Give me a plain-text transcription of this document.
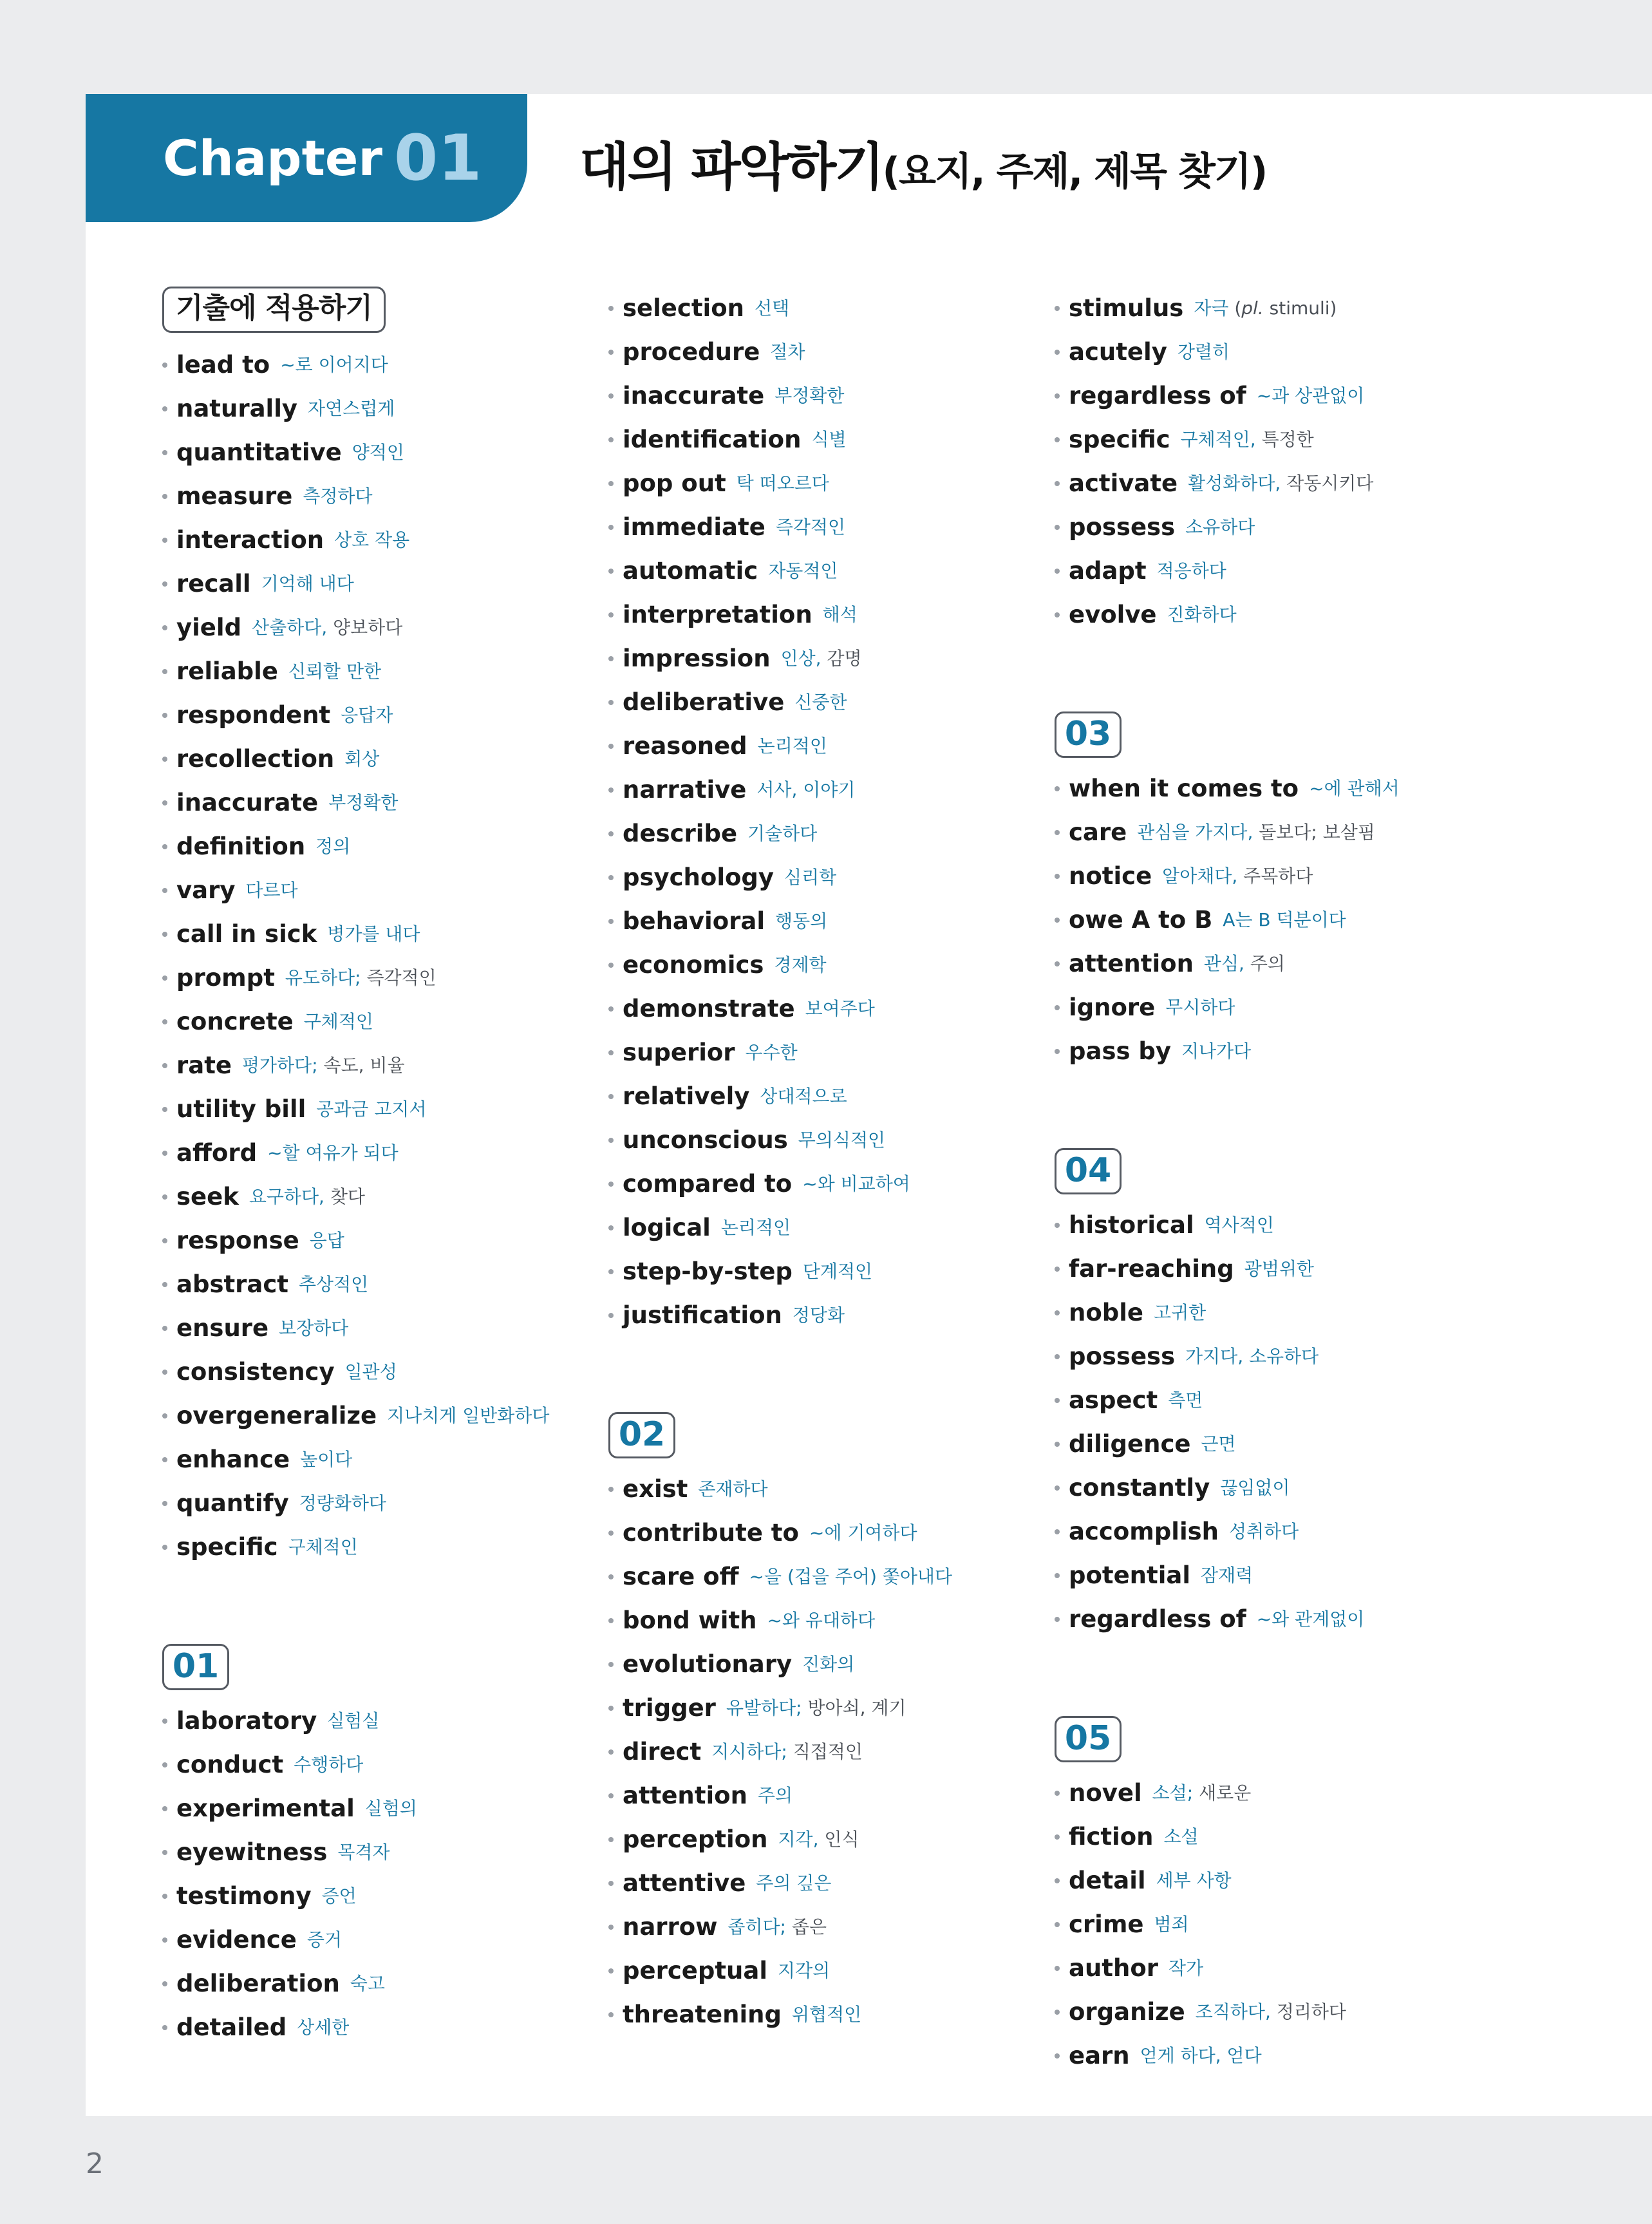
Chapter 01 대의 파악하기(요지, 주제, 제목 찾기)
기출에 적용하기
lead to ~로 이어지다
naturally 자연스럽게
quantitative 양적인
measure 측정하다
interaction 상호 작용
recall 기억해 내다
yield 산출하다, 양보하다
reliable 신뢰할 만한
respondent 응답자
recollection 회상
inaccurate 부정확한
definition 정의
vary 다르다
call in sick 병가를 내다
prompt 유도하다; 즉각적인
concrete 구체적인
rate 평가하다; 속도, 비율
utility bill 공과금 고지서
afford ~할 여유가 되다
seek 요구하다, 찾다
response 응답
abstract 추상적인
ensure 보장하다
consistency 일관성
overgeneralize 지나치게 일반화하다
enhance 높이다
quantify 정량화하다
specific 구체적인
01
laboratory 실험실
conduct 수행하다
experimental 실험의
eyewitness 목격자
testimony 증언
evidence 증거
deliberation 숙고
detailed 상세한
selection 선택
procedure 절차
inaccurate 부정확한
identification 식별
pop out 탁 떠오르다
immediate 즉각적인
automatic 자동적인
interpretation 해석
impression 인상, 감명
deliberative 신중한
reasoned 논리적인
narrative 서사, 이야기
describe 기술하다
psychology 심리학
behavioral 행동의
economics 경제학
demonstrate 보여주다
superior 우수한
relatively 상대적으로
unconscious 무의식적인
compared to ~와 비교하여
logical 논리적인
step-by-step 단계적인
justification 정당화
02
exist 존재하다
contribute to ~에 기여하다
scare off ~을 (겁을 주어) 쫓아내다
bond with ~와 유대하다
evolutionary 진화의
trigger 유발하다; 방아쇠, 계기
direct 지시하다; 직접적인
attention 주의
perception 지각, 인식
attentive 주의 깊은
narrow 좁히다; 좁은
perceptual 지각의
threatening 위협적인
stimulus 자극 (pl. stimuli)
acutely 강렬히
regardless of ~과 상관없이
specific 구체적인, 특정한
activate 활성화하다, 작동시키다
possess 소유하다
adapt 적응하다
evolve 진화하다
03
when it comes to ~에 관해서
care 관심을 가지다, 돌보다; 보살핌
notice 알아채다, 주목하다
owe A to B A는 B 덕분이다
attention 관심, 주의
ignore 무시하다
pass by 지나가다
04
historical 역사적인
far-reaching 광범위한
noble 고귀한
possess 가지다, 소유하다
aspect 측면
diligence 근면
constantly 끊임없이
accomplish 성취하다
potential 잠재력
regardless of ~와 관계없이
05
novel 소설; 새로운
fiction 소설
detail 세부 사항
crime 범죄
author 작가
organize 조직하다, 정리하다
earn 얻게 하다, 얻다
2
